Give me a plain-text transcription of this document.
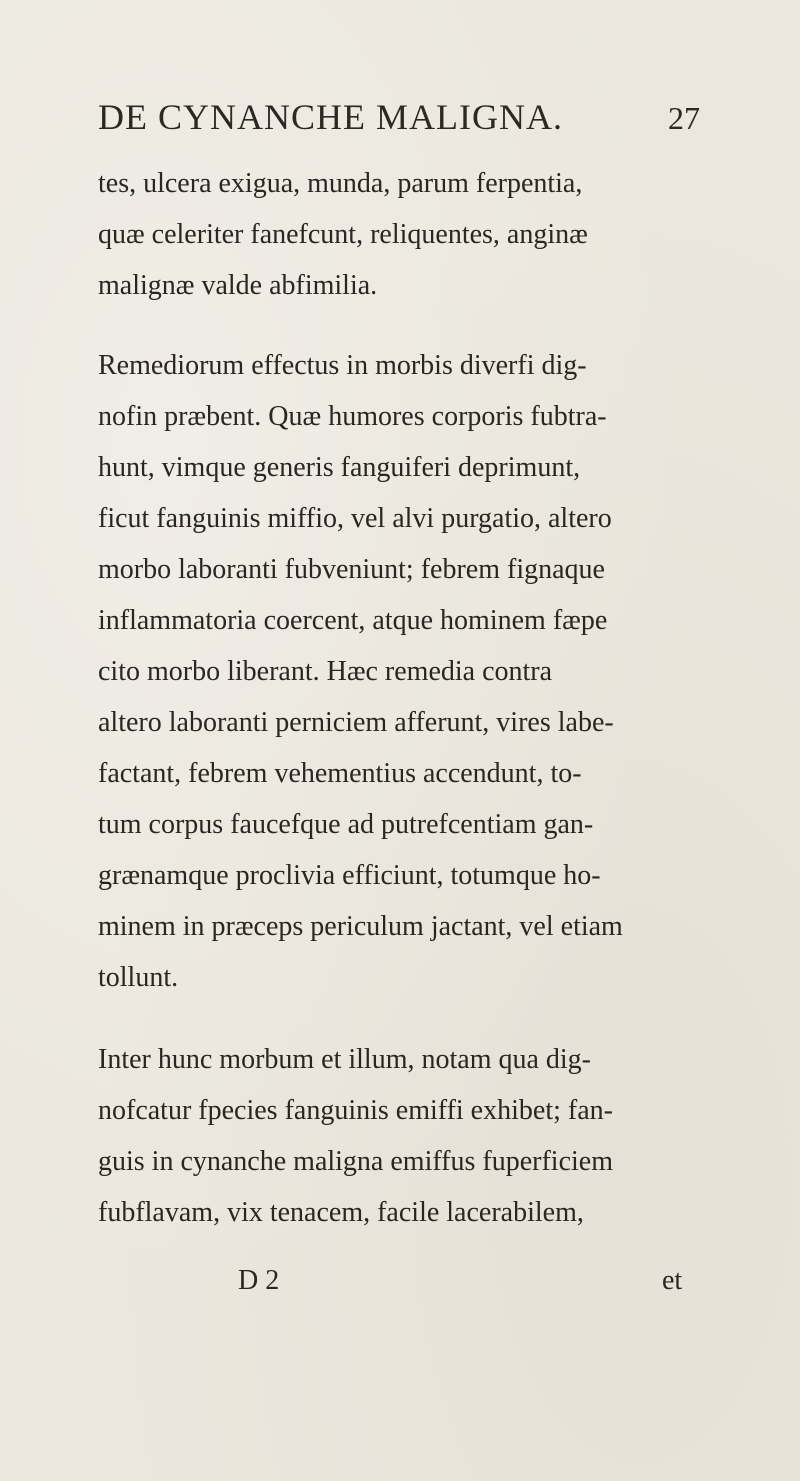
DE CYNANCHE MALIGNA.	27
tes, ulcera exigua, munda, parum ferpentia,
quæ celeriter fanefcunt, reliquentes, anginæ
malignæ valde abfimilia.
Remediorum effectus in morbis diverfi dig-
nofin præbent. Quæ humores corporis fubtra-
hunt, vimque generis fanguiferi deprimunt,
ficut fanguinis miffio, vel alvi purgatio, altero
morbo laboranti fubveniunt; febrem fignaque
inflammatoria coercent, atque hominem fæpe
cito morbo liberant. Hæc remedia contra
altero laboranti perniciem afferunt, vires labe-
factant, febrem vehementius accendunt, to-
tum corpus faucefque ad putrefcentiam gan-
grænamque proclivia efficiunt, totumque ho-
minem in præceps periculum jactant, vel etiam
tollunt.
Inter hunc morbum et illum, notam qua dig-
nofcatur fpecies fanguinis emiffi exhibet; fan-
guis in cynanche maligna emiffus fuperficiem
fubflavam, vix tenacem, facile lacerabilem,
D 2	et
